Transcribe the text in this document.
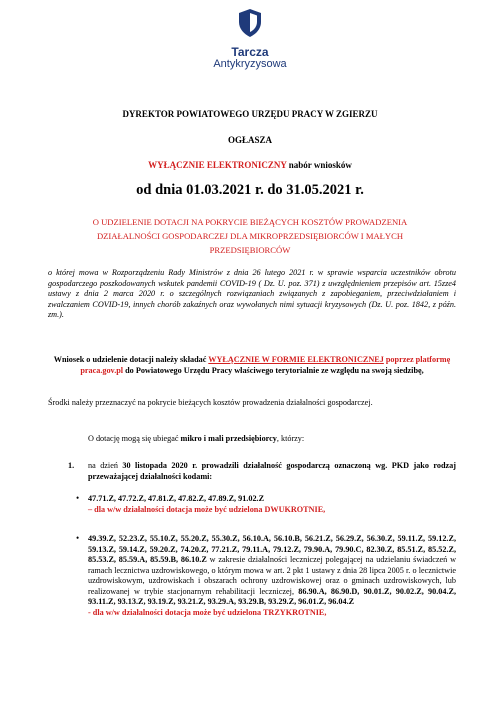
Tarcza
Antykryzysowa
DYREKTOR POWIATOWEGO URZĘDU PRACY W ZGIERZU
OGŁASZA
WYŁĄCZNIE ELEKTRONICZNY nabór wniosków
od dnia 01.03.2021 r. do 31.05.2021 r.
O UDZIELENIE DOTACJI NA POKRYCIE BIEŻĄCYCH KOSZTÓW PROWADZENIA
DZIAŁALNOŚCI GOSPODARCZEJ DLA MIKROPRZEDSIĘBIORCÓW I MAŁYCH
PRZEDSIĘBIORCÓW
o której mowa w Rozporządzeniu Rady Ministrów z dnia 26 lutego 2021 r. w sprawie wsparcia uczestników obrotu gospodarczego poszkodowanych wskutek pandemii COVID-19 ( Dz. U. poz. 371) z uwzględnieniem przepisów art. 15zze4 ustawy z dnia 2 marca 2020 r. o szczególnych rozwiązaniach związanych z zapobieganiem, przeciwdziałaniem i zwalczaniem COVID-19, innych chorób zakaźnych oraz wywołanych nimi sytuacji kryzysowych (Dz. U. poz. 1842, z późn. zm.).
Wniosek o udzielenie dotacji należy składać WYŁĄCZNIE W FORMIE ELEKTRONICZNEJ poprzez platformę praca.gov.pl do Powiatowego Urzędu Pracy właściwego terytorialnie ze względu na swoją siedzibę,
Środki należy przeznaczyć na pokrycie bieżących kosztów prowadzenia działalności gospodarczej.
O dotację mogą się ubiegać mikro i mali przedsiębiorcy, którzy:
1. na dzień 30 listopada 2020 r. prowadzili działalność gospodarczą oznaczoną wg. PKD jako rodzaj przeważającej działalności kodami:
• 47.71.Z, 47.72.Z, 47.81.Z, 47.82.Z, 47.89.Z, 91.02.Z
– dla w/w działalności dotacja może być udzielona DWUKROTNIE,
• 49.39.Z, 52.23.Z, 55.10.Z, 55.20.Z, 55.30.Z, 56.10.A, 56.10.B, 56.21.Z, 56.29.Z, 56.30.Z, 59.11.Z, 59.12.Z, 59.13.Z, 59.14.Z, 59.20.Z, 74.20.Z, 77.21.Z, 79.11.A, 79.12.Z, 79.90.A, 79.90.C, 82.30.Z, 85.51.Z, 85.52.Z, 85.53.Z, 85.59.A, 85.59.B, 86.10.Z w zakresie działalności leczniczej polegającej na udzielaniu świadczeń w ramach lecznictwa uzdrowiskowego, o którym mowa w art. 2 pkt 1 ustawy z dnia 28 lipca 2005 r. o lecznictwie uzdrowiskowym, uzdrowiskach i obszarach ochrony uzdrowiskowej oraz o gminach uzdrowiskowych, lub realizowanej w trybie stacjonarnym rehabilitacji leczniczej, 86.90.A, 86.90.D, 90.01.Z, 90.02.Z, 90.04.Z, 93.11.Z, 93.13.Z, 93.19.Z, 93.21.Z, 93.29.A, 93.29.B, 93.29.Z, 96.01.Z, 96.04.Z
- dla w/w działalności dotacja może być udzielona TRZYKROTNIE,
